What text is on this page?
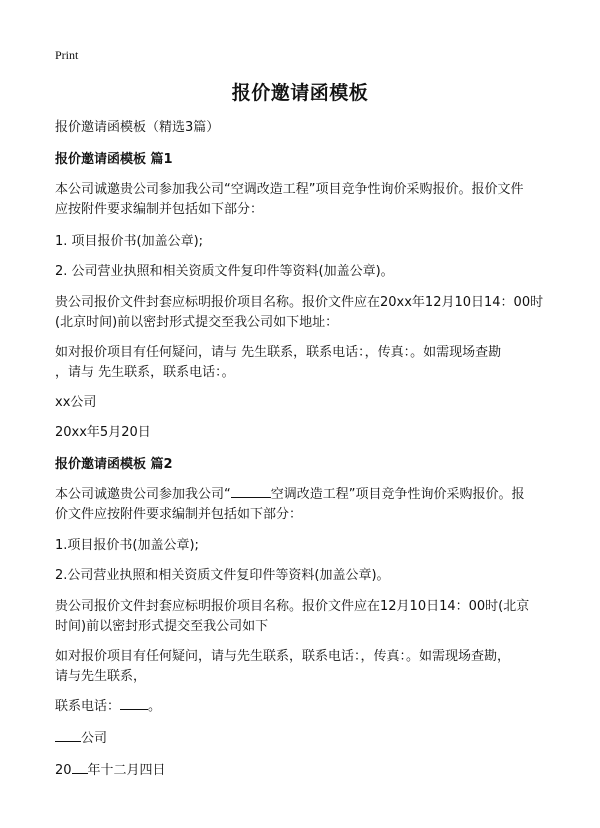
Print
报价邀请函模板
报价邀请函模板（精选3篇）
报价邀请函模板 篇1
本公司诚邀贵公司参加我公司“空调改造工程”项目竞争性询价采购报价。报价文件
应按附件要求编制并包括如下部分：
1. 项目报价书(加盖公章);
2. 公司营业执照和相关资质文件复印件等资料(加盖公章)。
贵公司报价文件封套应标明报价项目名称。报价文件应在20xx年12月10日14：00时
(北京时间)前以密封形式提交至我公司如下地址：
如对报价项目有任何疑问，请与 先生联系，联系电话：，传真：。如需现场查勘
，请与 先生联系，联系电话：。
xx公司
20xx年5月20日
报价邀请函模板 篇2
本公司诚邀贵公司参加我公司“	空调改造工程”项目竞争性询价采购报价。报
价文件应按附件要求编制并包括如下部分：
1.项目报价书(加盖公章);
2.公司营业执照和相关资质文件复印件等资料(加盖公章)。
贵公司报价文件封套应标明报价项目名称。报价文件应在12月10日14：00时(北京
时间)前以密封形式提交至我公司如下
如对报价项目有任何疑问，请与先生联系，联系电话：，传真：。如需现场查勘，
请与先生联系，
联系电话： 。
公司
20 年十二月四日
